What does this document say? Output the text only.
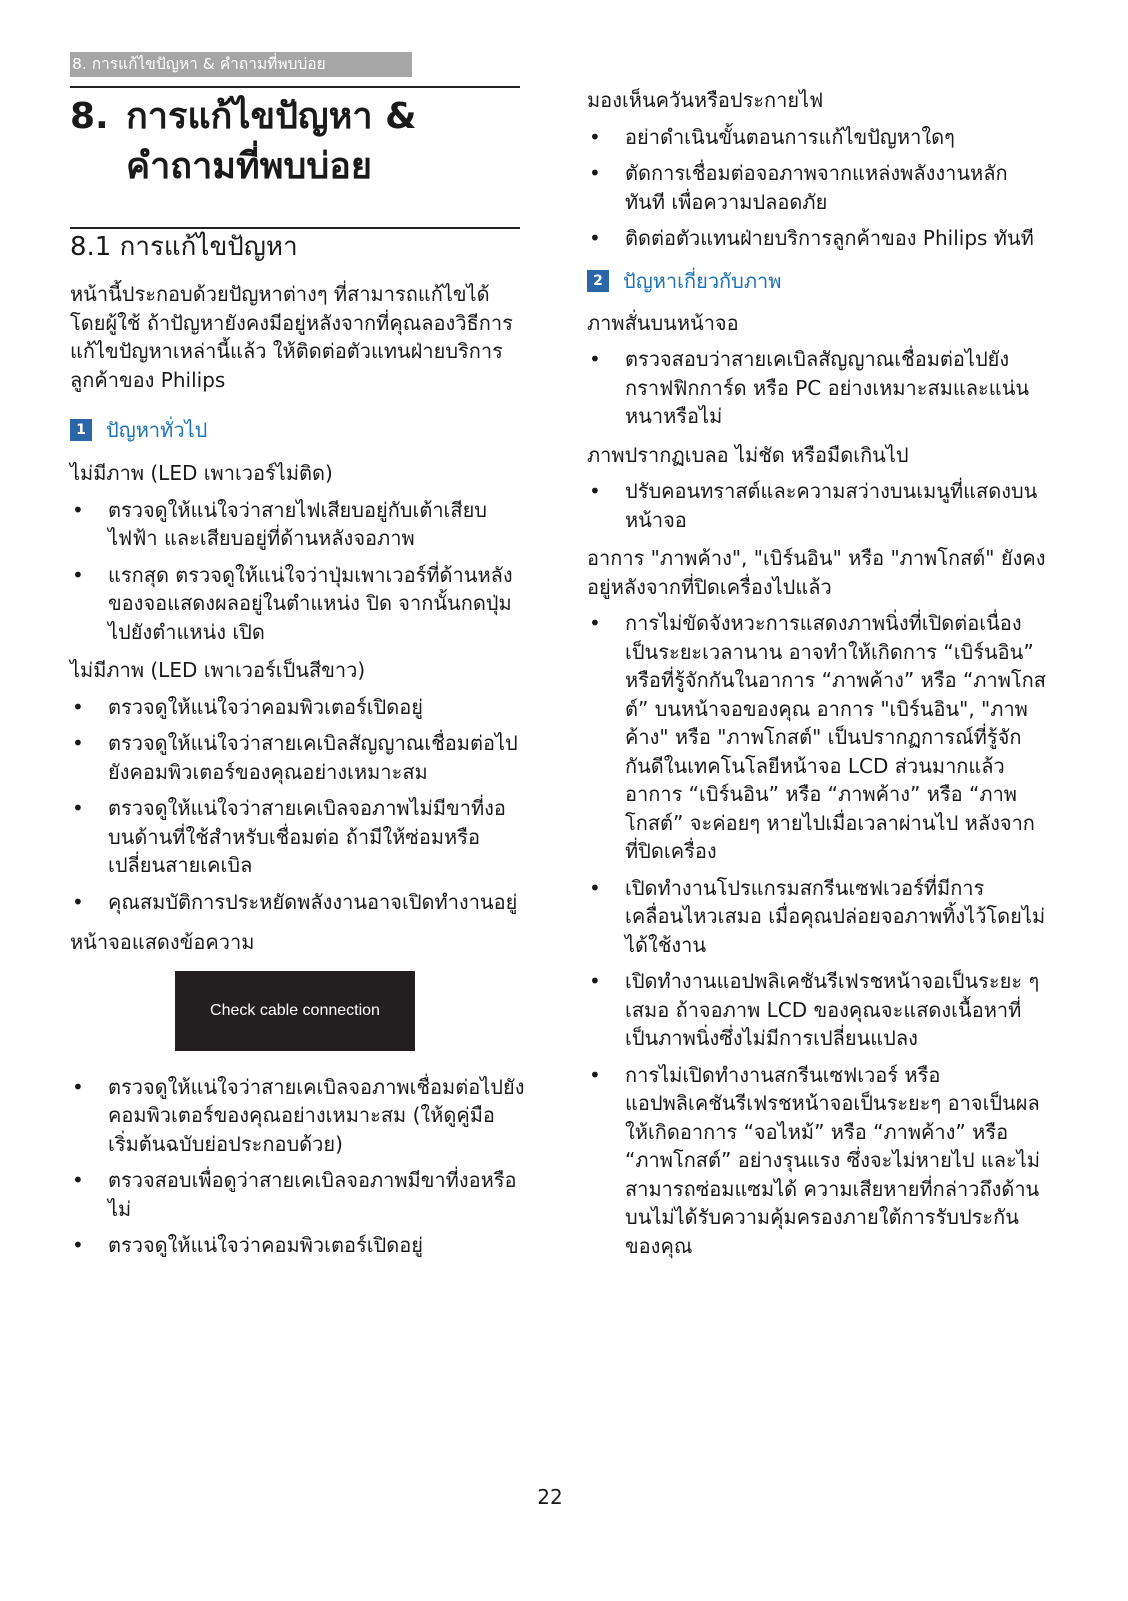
8. การแก้ไขปัญหา & คำถามที่พบบ่อย
8. การแก้ไขปัญหา & คำถามที่พบบ่อย
8.1 การแก้ไขปัญหา

หน้านี้ประกอบด้วยปัญหาต่างๆ ที่สามารถแก้ไขได้โดยผู้ใช้ ถ้าปัญหายังคงมีอยู่หลังจากที่คุณลองวิธีการแก้ไขปัญหาเหล่านี้แล้ว ให้ติดต่อตัวแทนฝ่ายบริการลูกค้าของ Philips

1	ปัญหาทั่วไป

ไม่มีภาพ (LED เพาเวอร์ไม่ติด)

• ตรวจดูให้แน่ใจว่าสายไฟเสียบอยู่กับเต้าเสียบไฟฟ้า และเสียบอยู่ที่ด้านหลังจอภาพ
• แรกสุด ตรวจดูให้แน่ใจว่าปุ่มเพาเวอร์ที่ด้านหลังของจอแสดงผลอยู่ในตำแหน่ง ปิด จากนั้นกดปุ่มไปยังตำแหน่ง เปิด

ไม่มีภาพ (LED เพาเวอร์เป็นสีขาว)

• ตรวจดูให้แน่ใจว่าคอมพิวเตอร์เปิดอยู่
• ตรวจดูให้แน่ใจว่าสายเคเบิลสัญญาณเชื่อมต่อไปยังคอมพิวเตอร์ของคุณอย่างเหมาะสม
• ตรวจดูให้แน่ใจว่าสายเคเบิลจอภาพไม่มีขาที่งอบนด้านที่ใช้สำหรับเชื่อมต่อ ถ้ามีให้ซ่อมหรือเปลี่ยนสายเคเบิล
• คุณสมบัติการประหยัดพลังงานอาจเปิดทำงานอยู่

หน้าจอแสดงข้อความ

Check cable connection
• ตรวจดูให้แน่ใจว่าสายเคเบิลจอภาพเชื่อมต่อไปยังคอมพิวเตอร์ของคุณอย่างเหมาะสม (ให้ดูคู่มือเริ่มต้นฉบับย่อประกอบด้วย)
• ตรวจสอบเพื่อดูว่าสายเคเบิลจอภาพมีขาที่งอหรือไม่
• ตรวจดูให้แน่ใจว่าคอมพิวเตอร์เปิดอยู่

มองเห็นควันหรือประกายไฟ

• อย่าดำเนินขั้นตอนการแก้ไขปัญหาใดๆ
• ตัดการเชื่อมต่อจอภาพจากแหล่งพลังงานหลักทันที เพื่อความปลอดภัย
• ติดต่อตัวแทนฝ่ายบริการลูกค้าของ Philips ทันที
2	ปัญหาเกี่ยวกับภาพ

ภาพสั่นบนหน้าจอ

• ตรวจสอบว่าสายเคเบิลสัญญาณเชื่อมต่อไปยังกราฟฟิกการ์ด หรือ PC อย่างเหมาะสมและแน่นหนาหรือไม่

ภาพปรากฏเบลอ ไม่ชัด หรือมืดเกินไป

• ปรับคอนทราสต์และความสว่างบนเมนูที่แสดงบนหน้าจอ

อาการ "ภาพค้าง", "เบิร์นอิน" หรือ "ภาพโกสต์" ยังคงอยู่หลังจากที่ปิดเครื่องไปแล้ว

• การไม่ขัดจังหวะการแสดงภาพนิ่งที่เปิดต่อเนื่องเป็นระยะเวลานาน อาจทำให้เกิดการ “เบิร์นอิน” หรือที่รู้จักกันในอาการ “ภาพค้าง” หรือ “ภาพโกสต์” บนหน้าจอของคุณ อาการ "เบิร์นอิน", "ภาพค้าง" หรือ "ภาพโกสต์" เป็นปรากฏการณ์ที่รู้จักกันดีในเทคโนโลยีหน้าจอ LCD ส่วนมากแล้ว อาการ “เบิร์นอิน” หรือ “ภาพค้าง” หรือ “ภาพโกสต์” จะค่อยๆ หายไปเมื่อเวลาผ่านไป หลังจากที่ปิดเครื่อง
• เปิดทำงานโปรแกรมสกรีนเซฟเวอร์ที่มีการเคลื่อนไหวเสมอ เมื่อคุณปล่อยจอภาพทิ้งไว้โดยไม่ได้ใช้งาน
• เปิดทำงานแอปพลิเคชันรีเฟรชหน้าจอเป็นระยะ ๆ เสมอ ถ้าจอภาพ LCD ของคุณจะแสดงเนื้อหาที่เป็นภาพนิ่งซึ่งไม่มีการเปลี่ยนแปลง
• การไม่เปิดทำงานสกรีนเซฟเวอร์ หรือแอปพลิเคชันรีเฟรชหน้าจอเป็นระยะๆ อาจเป็นผลให้เกิดอาการ “จอไหม้” หรือ “ภาพค้าง” หรือ “ภาพโกสต์” อย่างรุนแรง ซึ่งจะไม่หายไป และไม่สามารถซ่อมแซมได้ ความเสียหายที่กล่าวถึงด้านบนไม่ได้รับความคุ้มครองภายใต้การรับประกันของคุณ
22
